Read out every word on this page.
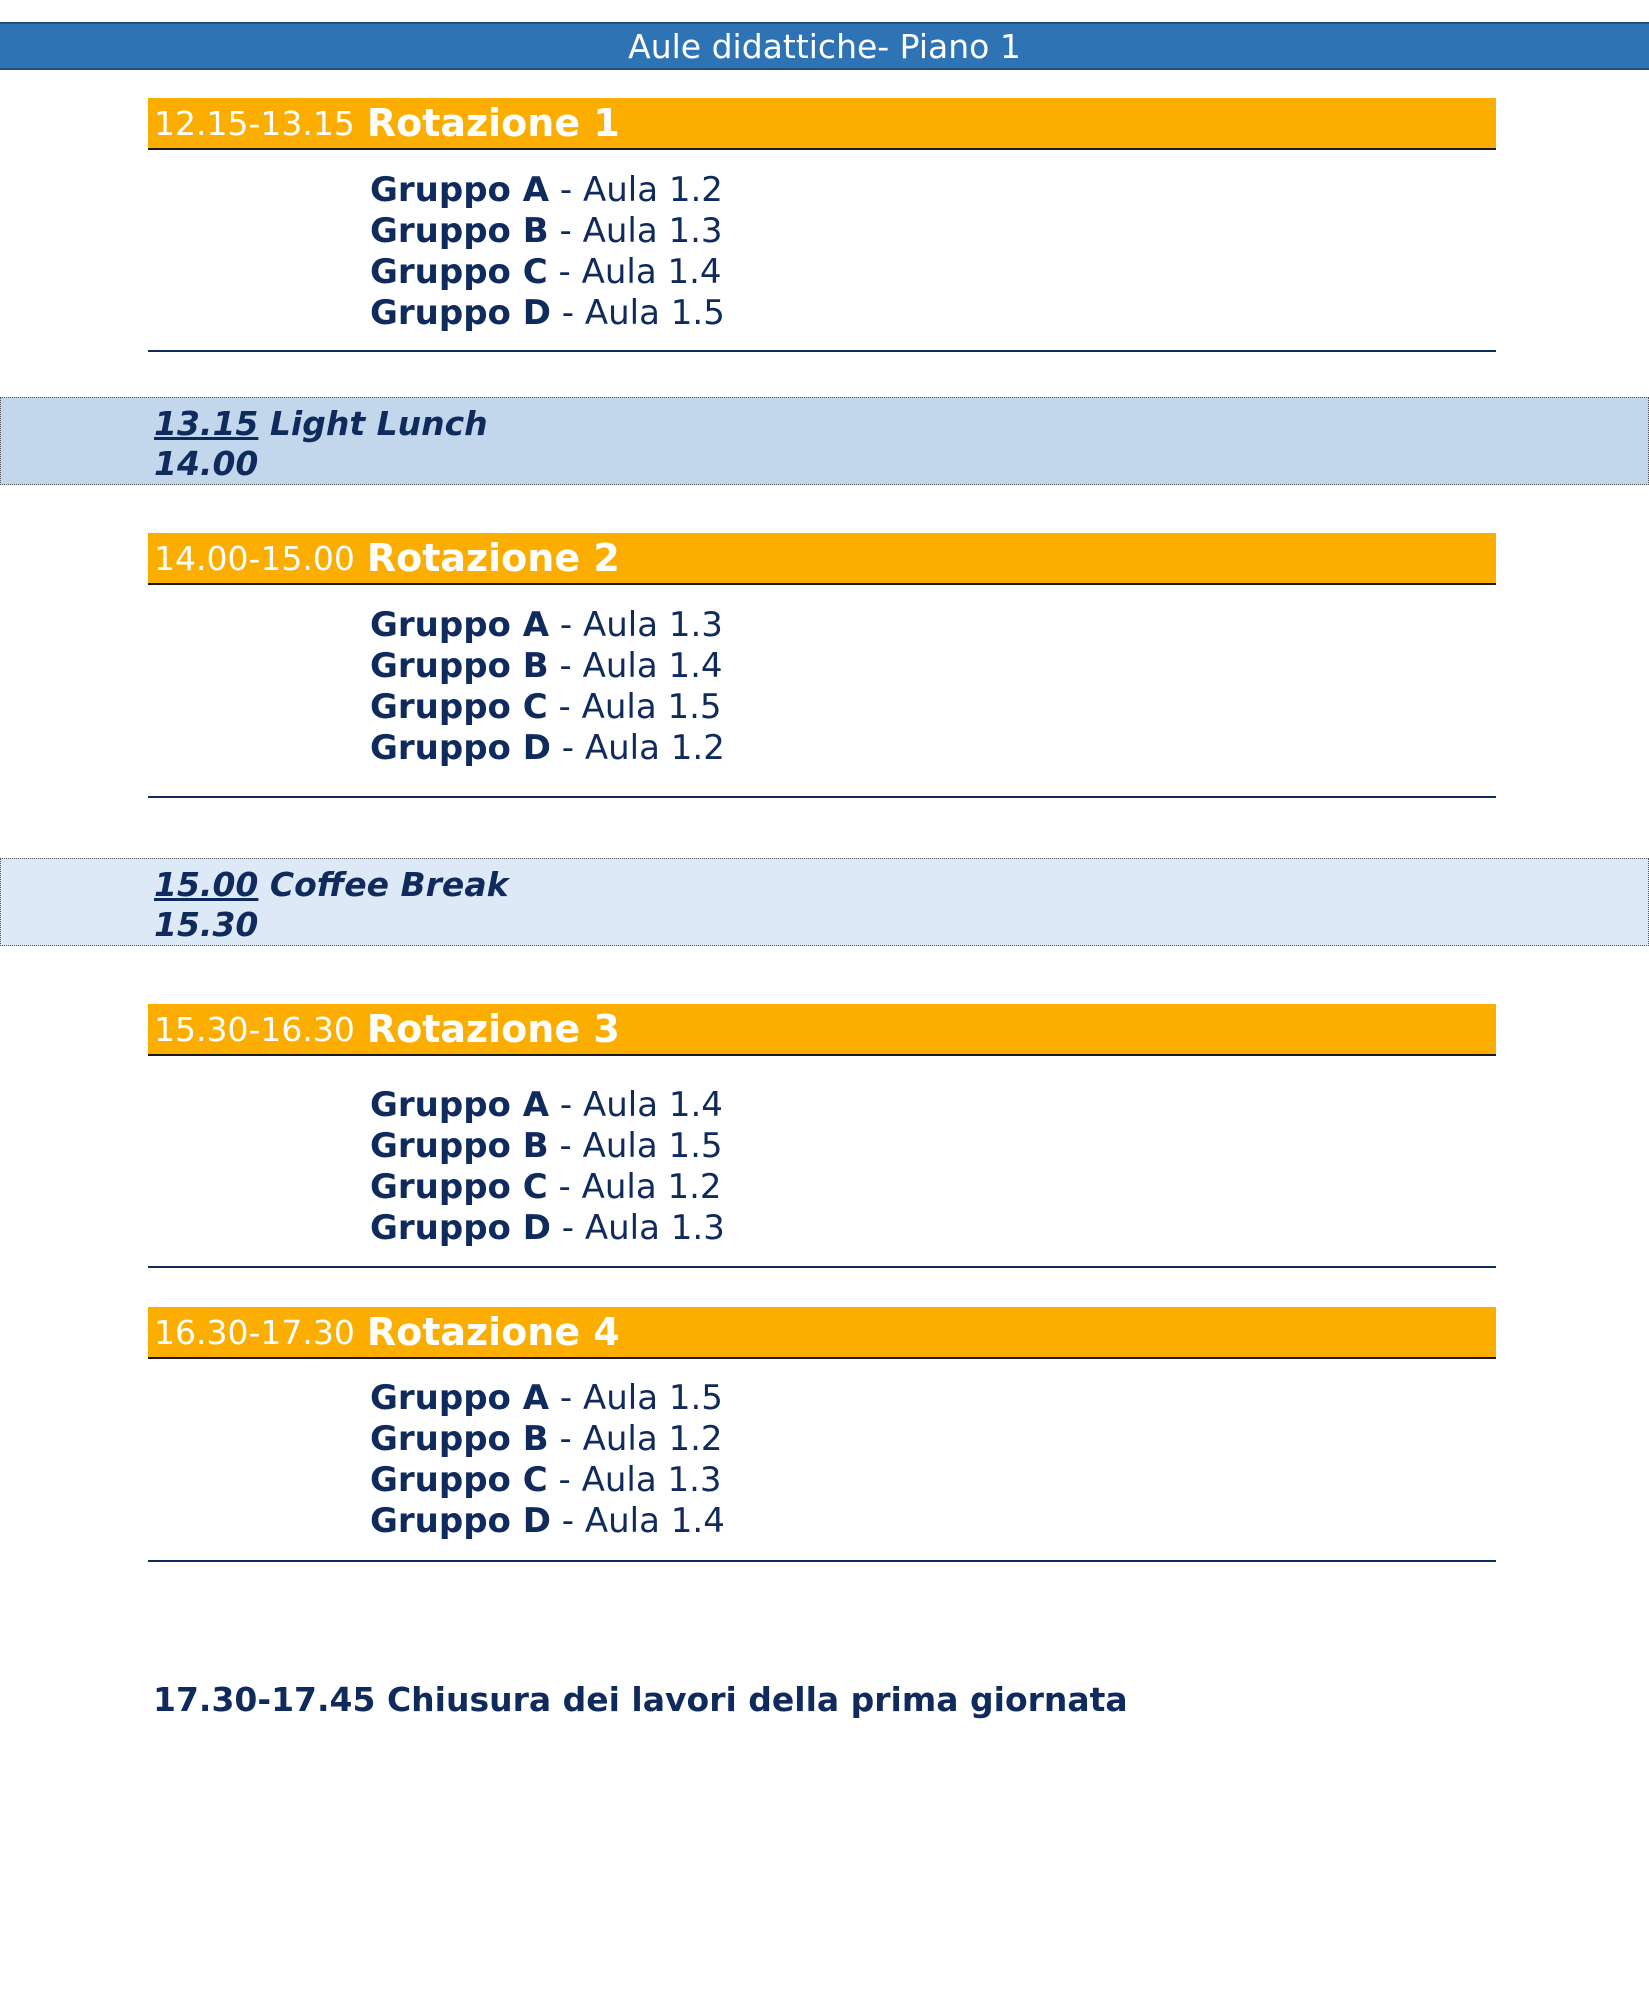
Aule didattiche- Piano 1
12.15-13.15 Rotazione 1
Gruppo A - Aula 1.2
Gruppo B - Aula 1.3
Gruppo C - Aula 1.4
Gruppo D - Aula 1.5
13.15 Light Lunch
14.00
14.00-15.00 Rotazione 2
Gruppo A - Aula 1.3
Gruppo B - Aula 1.4
Gruppo C - Aula 1.5
Gruppo D - Aula 1.2
15.00 Coffee Break
15.30
15.30-16.30 Rotazione 3
Gruppo A - Aula 1.4
Gruppo B - Aula 1.5
Gruppo C - Aula 1.2
Gruppo D - Aula 1.3
16.30-17.30 Rotazione 4
Gruppo A - Aula 1.5
Gruppo B - Aula 1.2
Gruppo C - Aula 1.3
Gruppo D - Aula 1.4
17.30-17.45 Chiusura dei lavori della prima giornata
